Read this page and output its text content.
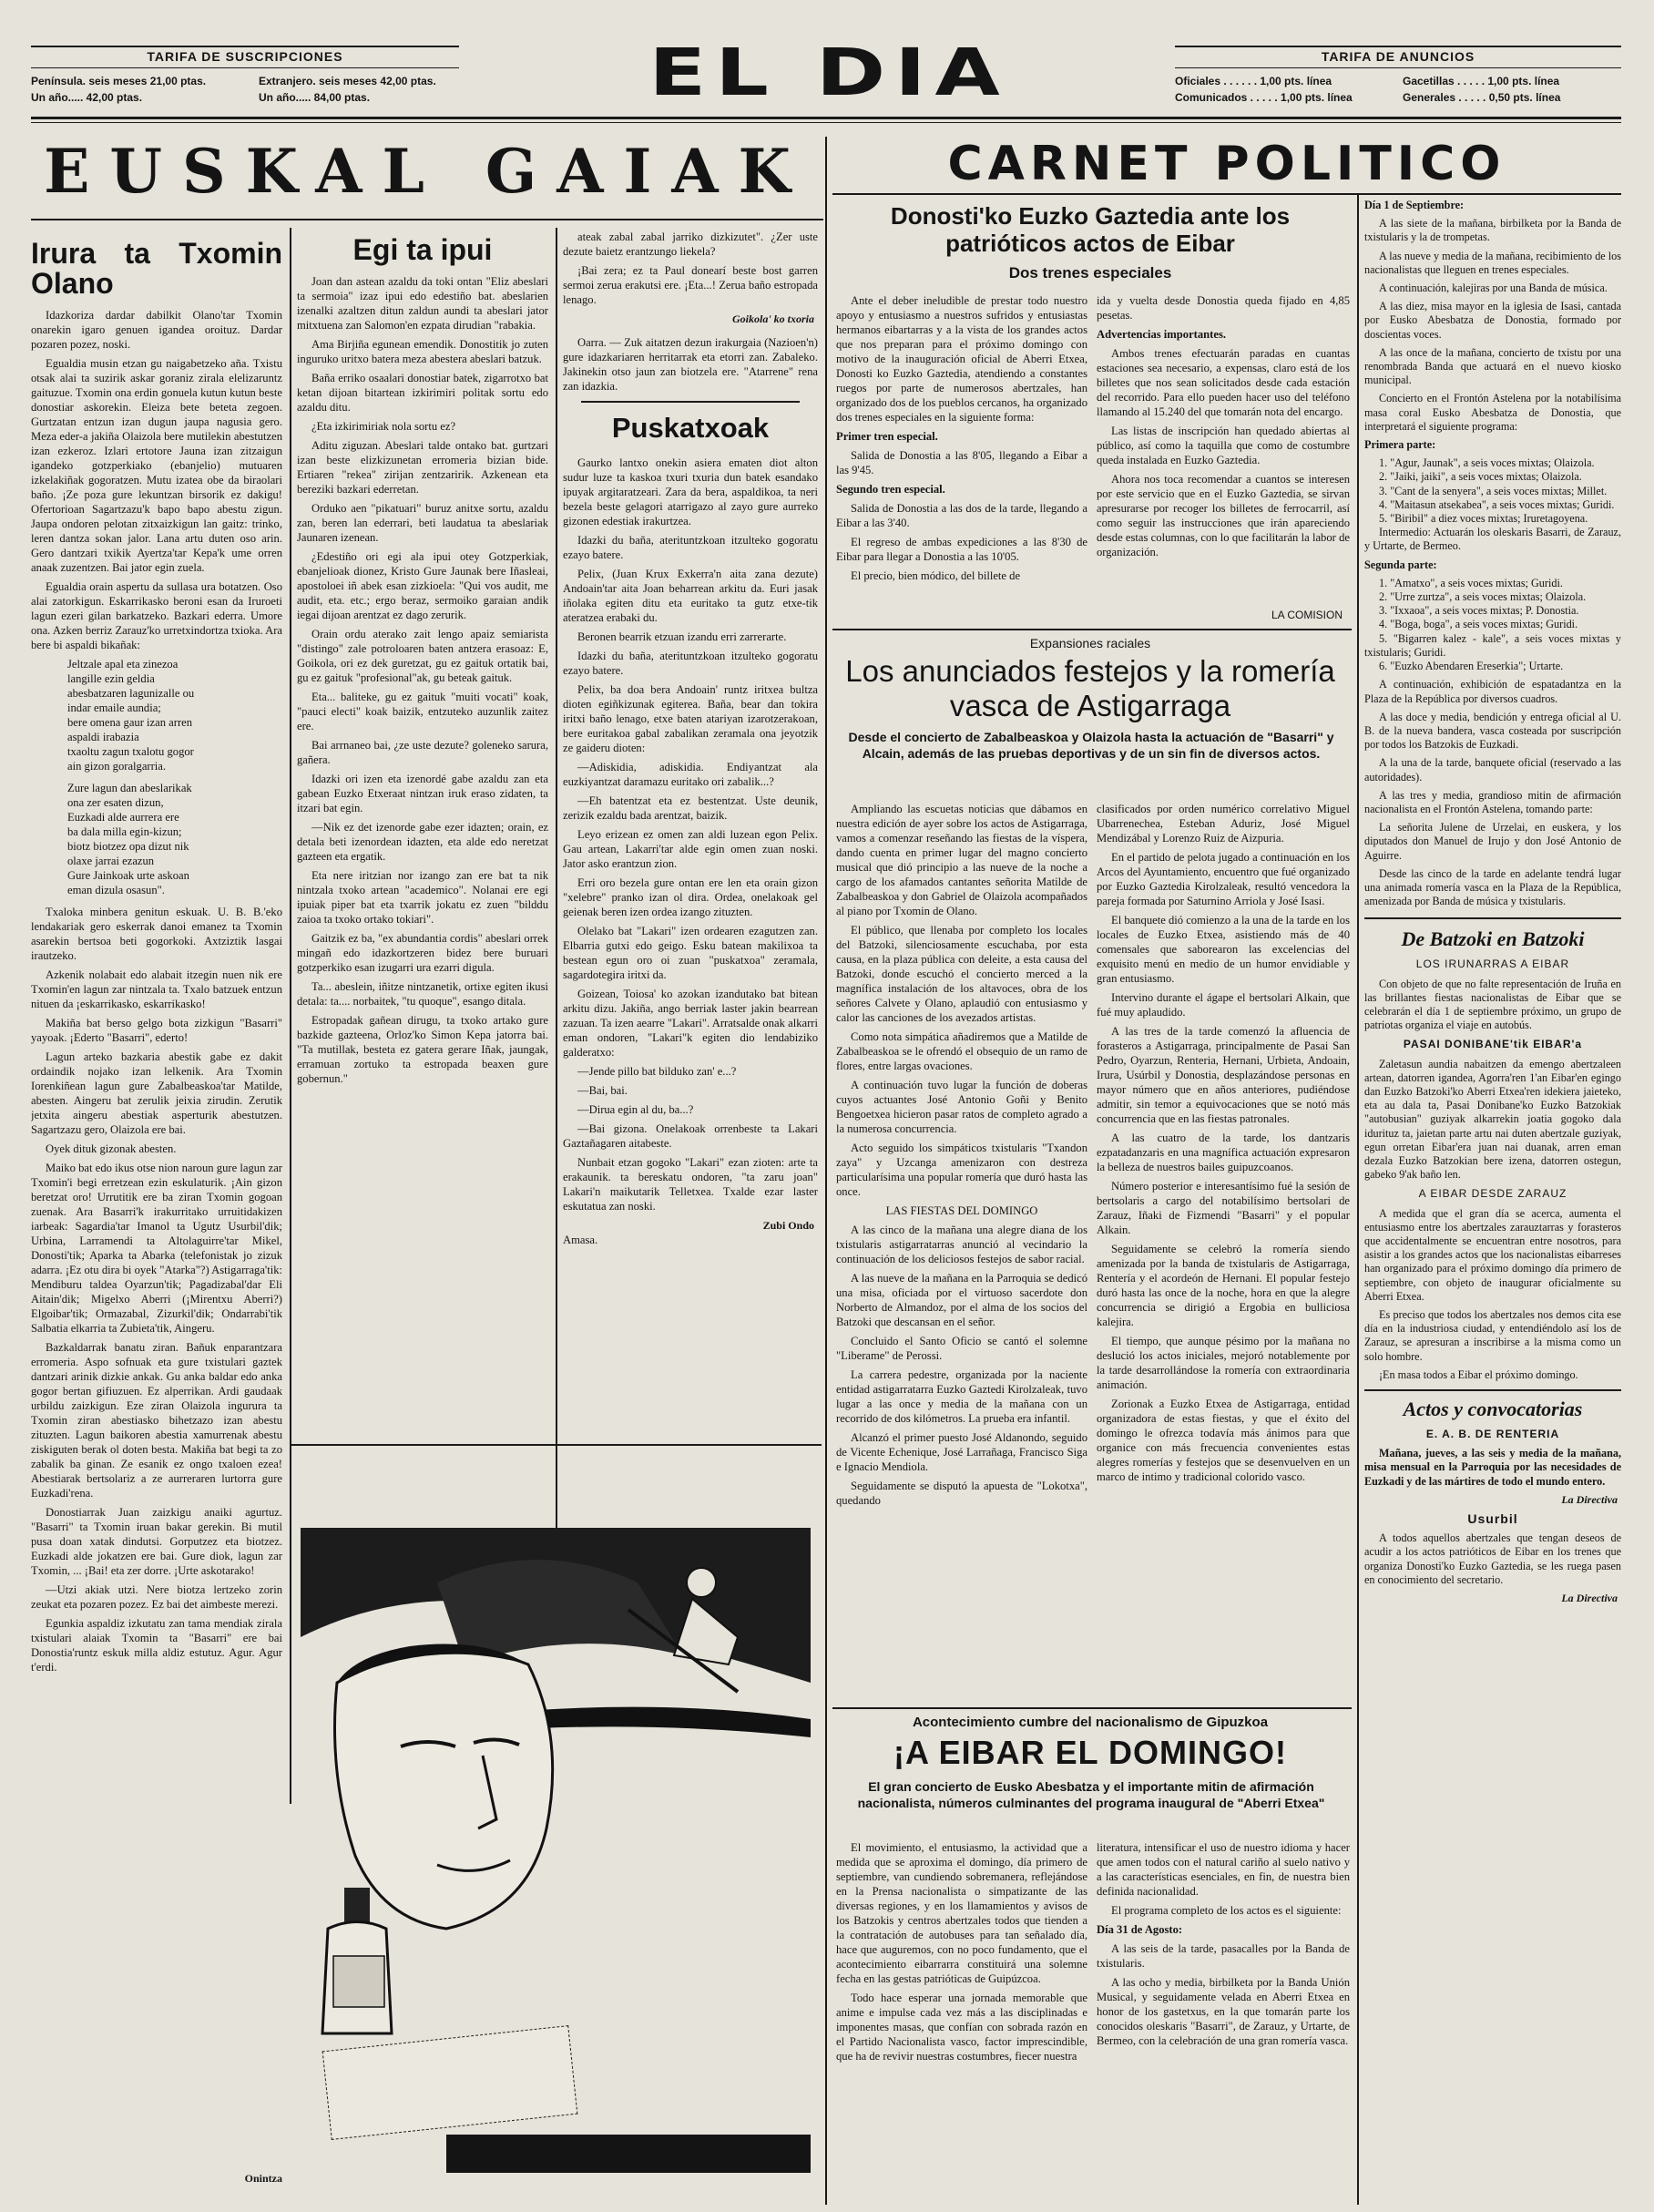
TARIFA DE SUSCRIPCIONES
Península. seis meses 21,00 ptas.
Un año..... 42,00 ptas.
Extranjero. seis meses 42,00 ptas.
Un año..... 84,00 ptas.	EL DIA	TARIFA DE ANUNCIOS
Oficiales . . . . . . 1,00 pts. línea
Comunicados . . . . . 1,00 pts. línea
Gacetillas . . . . . 1,00 pts. línea
Generales . . . . . 0,50 pts. línea
EUSKAL GAIAK
Irura ta Txomin Olano

Idazkoriza dardar dabilkit Olano'tar Txomin onarekin igaro genuen igandea oroituz. Dardar pozaren pozez, noski.

Egualdia musin etzan gu naigabetzeko aña. Txistu otsak alai ta suzirik askar goraniz zirala elelizaruntz gaituzue. Txomin ona erdin gonuela kutun kutun beste donostiar askorekin. Eleiza bete beteta zegoen. Gurtzatan entzun izan dugun jaupa nagusia gero. Meza eder-a jakiña Olaizola bere mutilekin abestutzen izan ezkeroz. Izlari ertotore Jauna izan zitzaigun igandeko gotzperkiako (ebanjelio) mutuaren izkelakiñak gogoratzen. Mutu izatea obe da biraolari baño. ¡Ze poza gure lekuntzan birsorik ez dakigu! Ofertorioan Sagartzazu'k bapo bapo abestu zigun. Jaupa ondoren pelotan zitxaizkigun lan gaitz: trinko, leren dantza sokan jalor. Lana artu duten oso arin. Gero dantzari txikik Ayertza'tar Kepa'k ume orren anaak zuzentzen. Bai jator egin zuela.

Egualdia orain aspertu da sullasa ura botatzen. Oso alai zatorkigun. Eskarrikasko beroni esan da Iruroeti lagun ezeri gilan barkatzeko. Bazkari ederra. Umore ona. Azken berriz Zarauz'ko urretxindortza txioka. Ara bere bi aspaldi bikañak:

Jeltzale apal eta zinezoa

langille ezin geldia

abesbatzaren lagunizalle ou

indar emaile aundia;

bere omena gaur izan arren

aspaldi irabazia

txaoltu zagun txalotu gogor

ain gizon goralgarria.

Zure lagun dan abeslarikak

ona zer esaten dizun,

Euzkadi alde aurrera ere

ba dala milla egin-kizun;

biotz biotzez opa dizut nik

olaxe jarrai ezazun

Gure Jainkoak urte askoan

eman dizula osasun".

Txaloka minbera genitun eskuak. U. B. B.'eko lendakariak gero eskerrak danoi emanez ta Txomin asarekin bertsoa beti gogorkoki. Axtziztik lasgai irautzeko.

Azkenik nolabait edo alabait itzegin nuen nik ere Txomin'en lagun zar nintzala ta. Txalo batzuek entzun nituen da ¡eskarrikasko, eskarrikasko!

Makiña bat berso gelgo bota zizkigun "Basarri" yayoak. ¡Ederto "Basarri", ederto!

Lagun arteko bazkaria abestik gabe ez dakit ordaindik nojako izan lelkenik. Ara Txomin Iorenkiñean lagun gure Zabalbeaskoa'tar Matilde, abesten. Aingeru bat zerulik jeixia zirudin. Zerutik jetxita aingeru abestiak asperturik abestutzen. Sagartzazu gero, Olaizola ere bai.

Oyek dituk gizonak abesten.

Maiko bat edo ikus otse nion naroun gure lagun zar Txomin'i begi erretzean ezin eskulaturik. ¡Ain gizon beretzat oro! Urrutitik ere ba ziran Txomin gogoan zuenak. Ara Basarri'k irakurritako urruitidakizen iarbeak: Sagardia'tar Imanol ta Ugutz Usurbil'dik; Urbina, Larramendi ta Altolaguirre'tar Mikel, Donosti'tik; Aparka ta Abarka (telefonistak jo zizuk adarra. ¡Ez otu dira bi oyek "Atarka"?) Astigarraga'tik: Mendiburu taldea Oyarzun'tik; Pagadizabal'dar Eli Aitain'dik; Migelxo Aberri (¡Mirentxu Aberri?) Elgoibar'tik; Ormazabal, Zizurkil'dik; Ondarrabi'tik Salbatia elkarria ta Zubieta'tik, Aingeru.

Bazkaldarrak banatu ziran. Bañuk enparantzara erromeria. Aspo sofnuak eta gure txistulari gaztek dantzari arinik dizkie ankak. Gu anka baldar edo anka gogor bertan gifiuzuen. Ez alperrikan. Ardi gaudaak urbildu zaizkigun. Eze ziran Olaizola ingurura ta Txomin ziran abestiasko bihetzazo izan abestu zituzten. Lagun baikoren abestia xamurrenak abestu ziskiguten berak ol doten besta. Makiña bat begi ta zo zabalik ba ginan. Ze esanik ez ongo txaloen ezea! Abestiarak bertsolariz a ze aurreraren lurtorra gure Euzkadi'rena.

Donostiarrak Juan zaizkigu anaiki agurtuz. "Basarri" ta Txomin iruan bakar gerekin. Bi mutil pusa doan xatak dindutsi. Gorputzez eta biotzez. Euzkadi alde jokatzen ere bai. Gure diok, lagun zar Txomin, ... ¡Bai! eta zer dorre. ¡Urte askotarako!

—Utzi akiak utzi. Nere biotza lertzeko zorin zeukat eta pozaren pozez. Ez bai det aimbeste merezi.

Egunkia aspaldiz izkutatu zan tama mendiak zirala txistulari alaiak Txomin ta "Basarri" ere bai Donostia'runtz eskuk milla aldiz estutuz. Agur. Agur t'erdi.

Onintza
Egi ta ipui

Joan dan astean azaldu da toki ontan "Eliz abeslari ta sermoia" izaz ipui edo edestiño bat. abeslarien izenalki azaltzen ditun zaldun aundi ta abeslari jator mitxtuena zan Salomon'en ezpata dirudian "rabakia.

Ama Birjiña egunean emendik. Donostitik jo zuten inguruko uritxo batera meza abestera abeslari batzuk.

Baña erriko osaalari donostiar batek, zigarrotxo bat ketan dijoan bitartean izkirimiri politak sortu edo azaldu ditu.

¿Eta izkirimiriak nola sortu ez?

Aditu ziguzan. Abeslari talde ontako bat. gurtzari izan beste elizkizunetan erromeria bizian bide. Ertiaren "rekea" zirijan zentzaririk. Azkenean eta bereziki bazkari ederretan.

Orduko aen "pikatuari" buruz anitxe sortu, azaldu zan, beren lan ederrari, beti laudatua ta abeslariak Jaunaren izenean.

¿Edestiño ori egi ala ipui otey Gotzperkiak, ebanjelioak dionez, Kristo Gure Jaunak bere Iñasleai, apostoloei iñ abek esan zizkioela: "Qui vos audit, me audit, eta. etc.; ergo beraz, sermoiko garaian andik iegai dijoan arentzat ez dago zerurik.

Orain ordu aterako zait lengo apaiz semiarista "distingo" zale potroloaren baten antzera erasoaz: E, Goikola, ori ez dek guretzat, gu ez gaituk ortatik bai, gu ez gaituk "profesional"ak, gu beteak gaituk.

Eta... baliteke, gu ez gaituk "muiti vocati" koak, "pauci electi" koak baizik, entzuteko auzunlik zaitez ere.

Bai arrnaneo bai, ¿ze uste dezute? goleneko sarura, gañera.

Idazki ori izen eta izenordé gabe azaldu zan eta gabean Euzko Etxeraat nintzan iruk eraso zidaten, ta itzari bat egin.

—Nik ez det izenorde gabe ezer idazten; orain, ez detala beti izenordean idazten, eta alde edo neretzat gazteen eta ergatik.

Eta nere iritzian nor izango zan ere bat ta nik nintzala txoko artean "academico". Nolanai ere egi ipuiak piper bat eta txarrik jokatu ez zuen "bilddu zaioa ta txoko ortako tokiari".

Gaitzik ez ba, "ex abundantia cordis" abeslari orrek mingañ edo idazkortzeren bidez bere buruari gotzperkiko esan izugarri ura ezarri digula.

Ta... abeslein, iñitze nintzanetik, ortixe egiten ikusi detala: ta.... norbaitek, "tu quoque", esango ditala.

Estropadak gañean dirugu, ta txoko artako gure bazkide gazteena, Orloz'ko Simon Kepa jatorra bai. "Ta mutillak, besteta ez gatera gerare Iñak, jaungak, erramuan zortuko ta estropada beaxen gure gobernun."

ateak zabal zabal jarriko dizkizutet". ¿Zer uste dezute baietz erantzungo liekela?

¡Bai zera; ez ta Paul donearí beste bost garren sermoi zerua erakutsi ere. ¡Eta...! Zerua baño estropada lenago.

Goikola' ko txoria

Oarra. — Zuk aitatzen dezun irakurgaia (Nazioen'n) gure idazkariaren herritarrak eta etorri zan. Zabaleko. Jakinekin otso jaun zan biotzela ere. "Atarrene" rena zan idazkia.

Puskatxoak

Gaurko lantxo onekin asiera ematen diot alton sudur luze ta kaskoa txuri txuria dun batek esandako ipuyak argitaratzeari. Zara da bera, aspaldikoa, ta neri bezela beste gelagori atarrigazo al zayo gure aurreko gizonen edestiak irakurtzea.

Idazki du baña, aterituntzkoan itzulteko gogoratu ezayo batere.

Pelix, (Juan Krux Exkerra'n aita zana dezute) Andoain'tar aita Joan beharrean arkitu da. Euri jasak iñolaka egiten ditu eta euritako ta gutz etxe-tik ateratzea erabaki du.

Beronen bearrik etzuan izandu erri zarrerarte.

Idazki du baña, aterituntzkoan itzulteko gogoratu ezayo batere.

Pelix, ba doa bera Andoain' runtz iritxea bultza dioten egiñkizunak egiterea. Baña, bear dan tokira iritxi baño lenago, etxe baten atariyan izarotzerakoan, bere euritakoa gabal zabalikan zeramala ona jeyotzik ze gaideru dioten:

—Adiskidia, adiskidia. Endiyantzat ala euzkiyantzat daramazu euritako ori zabalik...?

—Eh batentzat eta ez bestentzat. Uste deunik, zerizik ezaldu bada arentzat, baizik.

Leyo erizean ez omen zan aldi luzean egon Pelix. Gau artean, Lakarri'tar alde egin omen zuan noski. Jator asko erantzun zion.

Erri oro bezela gure ontan ere len eta orain gizon "xelebre" pranko izan ol dira. Ordea, onelakoak gel geienak beren izen ordea izango zituzten.

Olelako bat "Lakari" izen ordearen ezagutzen zan. Elbarria gutxi edo geigo. Esku batean makilixoa ta bestean egun oro oi zuan "puskatxoa" zeramala, sagardotegira iritxi da.

Goizean, Toiosa' ko azokan izandutako bat bitean arkitu dizu. Jakiña, ango berriak laster jakin bearrean zazuan. Ta izen aearre "Lakari". Arratsalde onak alkarri eman ondoren, "Lakari"k egiten dio lendabiziko galderatxo:

—Jende pillo bat bilduko zan' e...?

—Bai, bai.

—Dirua egin al du, ba...?

—Bai gizona. Onelakoak orrenbeste ta Lakari Gaztañagaren aitabeste.

Nunbait etzan gogoko "Lakari" ezan zioten: arte ta erakaunik. ta bereskatu ondoren, "ta zaru joan" Lakari'n maikutarik Telletxea. Txalde ezar laster eskutatua zan noski.

Zubi Ondo

Amasa.

CARNET POLITICO
Donosti'ko Euzko Gaztedia ante los patrióticos actos de Eibar
Dos trenes especiales

Ante el deber ineludible de prestar todo nuestro apoyo y entusiasmo a nuestros sufridos y entusiastas hermanos eibartarras y a la vista de los grandes actos que nos preparan para el próximo domingo con motivo de la inauguración oficial de Aberri Etxea, Donosti ko Euzko Gaztedia, atendiendo a constantes ruegos por parte de numerosos abertzales, han organizado dos de los pueblos cercanos, ha organizado dos trenes especiales en la siguiente forma:

Primer tren especial.

Salida de Donostia a las 8'05, llegando a Eibar a las 9'45.

Segundo tren especial.

Salida de Donostia a las dos de la tarde, llegando a Eibar a las 3'40.

El regreso de ambas expediciones a las 8'30 de Eibar para llegar a Donostia a las 10'05.

El precio, bien módico, del billete de

ida y vuelta desde Donostia queda fijado en 4,85 pesetas.

Advertencias importantes.

Ambos trenes efectuarán paradas en cuantas estaciones sea necesario, a expensas, claro está de los billetes que nos sean solicitados desde cada estación del recorrido. Para ello pueden hacer uso del teléfono llamando al 15.240 del que tomarán nota del encargo.

Las listas de inscripción han quedado abiertas al público, así como la taquilla que como de costumbre queda instalada en Euzko Gaztedia.

Ahora nos toca recomendar a cuantos se interesen por este servicio que en el Euzko Gaztedia, se sirvan apresurarse por recoger los billetes de ferrocarril, así como seguir las instrucciones que irán apareciendo desde estas columnas, con lo que facilitarán la labor de organización.

LA COMISION
Expansiones raciales
Los anunciados festejos y la romería vasca de Astigarraga
Desde el concierto de Zabalbeaskoa y Olaizola hasta la actuación de "Basarri" y Alcain, además de las pruebas deportivas y de un sin fin de diversos actos.

Ampliando las escuetas noticias que dábamos en nuestra edición de ayer sobre los actos de Astigarraga, vamos a comenzar reseñando las fiestas de la víspera, dando cuenta en primer lugar del magno concierto musical que dió principio a las nueve de la noche a cargo de los afamados cantantes señorita Matilde de Zabalbeaskoa y don Gabriel de Olaizola acompañados al piano por Txomin de Olano.

El público, que llenaba por completo los locales del Batzoki, silenciosamente escuchaba, por esta causa, en la plaza pública con deleite, a esta causa del Batzoki, donde escuchó el concierto merced a la magnífica instalación de los altavoces, obra de los señores Calvete y Olano, aplaudió con entusiasmo y calor las canciones de los avezados artistas.

Como nota simpática añadiremos que a Matilde de Zabalbeaskoa se le ofrendó el obsequio de un ramo de flores, entre largas ovaciones.

A continuación tuvo lugar la función de doberas cuyos actuantes José Antonio Goñi y Benito Bengoetxea hicieron pasar ratos de completo agrado a la numerosa concurrencia.

Acto seguido los simpáticos txistularis "Txandon zaya" y Uzcanga amenizaron con destreza particularísima una popular romería que duró hasta las once.

LAS FIESTAS DEL DOMINGO

A las cinco de la mañana una alegre diana de los txistularis astigarratarras anunció al vecindario la continuación de los deliciosos festejos de sabor racial.

A las nueve de la mañana en la Parroquia se dedicó una misa, oficiada por el virtuoso sacerdote don Norberto de Almandoz, por el alma de los socios del Batzoki que descansan en el señor.

Concluido el Santo Oficio se cantó el solemne "Liberame" de Perossi.

La carrera pedestre, organizada por la naciente entidad astigarratarra Euzko Gaztedi Kirolzaleak, tuvo lugar a las once y media de la mañana con un recorrido de dos kilómetros. La prueba era infantil.

Alcanzó el primer puesto José Aldanondo, seguido de Vicente Echenique, José Larrañaga, Francisco Siga e Ignacio Mendiola.

Seguidamente se disputó la apuesta de "Lokotxa", quedando

clasificados por orden numérico correlativo Miguel Ubarrenechea, Esteban Aduriz, José Miguel Mendizábal y Lorenzo Ruiz de Aizpuria.

En el partido de pelota jugado a continuación en los Arcos del Ayuntamiento, encuentro que fué organizado por Euzko Gaztedia Kirolzaleak, resultó vencedora la pareja formada por Saturnino Arriola y José Isasi.

El banquete dió comienzo a la una de la tarde en los locales de Euzko Etxea, asistiendo más de 40 comensales que saborearon las excelencias del exquisito menú en medio de un humor envidiable y gran entusiasmo.

Intervino durante el ágape el bertsolari Alkain, que fué muy aplaudido.

A las tres de la tarde comenzó la afluencia de forasteros a Astigarraga, principalmente de Pasai San Pedro, Oyarzun, Renteria, Hernani, Urbieta, Andoain, Irura, Usúrbil y Donostia, desplazándose personas en mayor número que en años anteriores, pudiéndose admitir, sin temor a equivocaciones que se notó más concurrencia que en las fiestas patronales.

A las cuatro de la tarde, los dantzaris ezpatadanzaris en una magnífica actuación expresaron la belleza de nuestros bailes guipuzcoanos.

Número posterior e interesantísimo fué la sesión de bertsolaris a cargo del notabilísimo bertsolari de Zarauz, Iñaki de Fizmendi "Basarri" y el popular Alkain.

Seguidamente se celebró la romería siendo amenizada por la banda de txistularis de Astigarraga, Rentería y el acordeón de Hernani. El popular festejo duró hasta las once de la noche, hora en que la alegre concurrencia se dirigió a Ergobia en bulliciosa kalejira.

El tiempo, que aunque pésimo por la mañana no deslució los actos iniciales, mejoró notablemente por la tarde desarrollándose la romería con extraordinaria animación.

Zorionak a Euzko Etxea de Astigarraga, entidad organizadora de estas fiestas, y que el éxito del domingo le ofrezca todavía más ánimos para que organice con más frecuencia convenientes estas alegres romerías y festejos que se desenvuelven en un marco de intimo y tradicional colorido vasco.

Acontecimiento cumbre del nacionalismo de Gipuzkoa
¡A EIBAR EL DOMINGO!
El gran concierto de Eusko Abesbatza y el importante mitin de afirmación nacionalista, números culminantes del programa inaugural de "Aberri Etxea"

El movimiento, el entusiasmo, la actividad que a medida que se aproxima el domingo, día primero de septiembre, van cundiendo sobremanera, reflejándose en la Prensa nacionalista o simpatizante de las diversas regiones, y en los llamamientos y avisos de los Batzokis y centros abertzales todos que tienden a la contratación de autobuses para tan señalado día, hace que auguremos, con no poco fundamento, que el acontecimiento eibarrarra constituirá una solemne fecha en las gestas patrióticas de Guipúzcoa.

Todo hace esperar una jornada memorable que anime e impulse cada vez más a las disciplinadas e imponentes masas, que confían con sobrada razón en el Partido Nacionalista vasco, factor imprescindible, que ha de revivir nuestras costumbres, fiecer nuestra

literatura, intensificar el uso de nuestro idioma y hacer que amen todos con el natural cariño al suelo nativo y a las características esenciales, en fin, de nuestra bien definida nacionalidad.

El programa completo de los actos es el siguiente:

Día 31 de Agosto:

A las seis de la tarde, pasacalles por la Banda de txistularis.

A las ocho y media, birbilketa por la Banda Unión Musical, y seguidamente velada en Aberri Etxea en honor de los gastetxus, en la que tomarán parte los conocidos oleskaris "Basarri", de Zarauz, y Urtarte, de Bermeo, con la celebración de una gran romería vasca.

Día 1 de Septiembre:

A las siete de la mañana, birbilketa por la Banda de txistularis y la de trompetas.

A las nueve y media de la mañana, recibimiento de los nacionalistas que lleguen en trenes especiales.

A continuación, kalejiras por una Banda de música.

A las diez, misa mayor en la iglesia de Isasi, cantada por Eusko Abesbatza de Donostia, formado por doscientas voces.

A las once de la mañana, concierto de txistu por una renombrada Banda que actuará en el nuevo kiosko municipal.

Concierto en el Frontón Astelena por la notabilísima masa coral Eusko Abesbatza de Donostia, que interpretará el siguiente programa:

Primera parte:

1. "Agur, Jaunak", a seis voces mixtas; Olaizola.

2. "Jaiki, jaiki", a seis voces mixtas; Olaizola.

3. "Cant de la senyera", a seis voces mixtas; Millet.

4. "Maitasun atsekabea", a seis voces mixtas; Guridi.

5. "Biribil" a diez voces mixtas; Iruretagoyena.

Intermedio: Actuarán los oleskaris Basarri, de Zarauz, y Urtarte, de Bermeo.

Segunda parte:

1. "Amatxo", a seis voces mixtas; Guridi.

2. "Urre zurtza", a seis voces mixtas; Olaizola.

3. "Ixxaoa", a seis voces mixtas; P. Donostia.

4. "Boga, boga", a seis voces mixtas; Guridi.

5. "Bigarren kalez - kale", a seis voces mixtas y txistularis; Guridi.

6. "Euzko Abendaren Ereserkia"; Urtarte.

A continuación, exhibición de espatadantza en la Plaza de la República por diversos cuadros.

A las doce y media, bendición y entrega oficial al U. B. de la nueva bandera, vasca costeada por suscripción por todos los Batzokis de Euzkadi.

A la una de la tarde, banquete oficial (reservado a las autoridades).

A las tres y media, grandioso mitin de afirmación nacionalista en el Frontón Astelena, tomando parte:

La señorita Julene de Urzelai, en euskera, y los diputados don Manuel de Irujo y don José Antonio de Aguirre.

Desde las cinco de la tarde en adelante tendrá lugar una animada romería vasca en la Plaza de la República, amenizada por Banda de música y txistularis.

De Batzoki en Batzoki
LOS IRUNARRAS A EIBAR

Con objeto de que no falte representación de Iruña en las brillantes fiestas nacionalistas de Eibar que se celebrarán el día 1 de septiembre próximo, un grupo de patriotas organiza el viaje en autobús.

PASAI DONIBANE'tik EIBAR'a

Zaletasun aundia nabaitzen da emengo abertzaleen artean, datorren igandea, Agorra'ren 1'an Eibar'en egingo dan Euzko Batzoki'ko Aberri Etxea'ren idekiera jaieteko, eta au dala ta, Pasai Donibane'ko Euzko Batzokiak "autobusian" guziyak alkarrekin joatia gogoko dala idurituz ta, jaietan parte artu nai duten abertzale guziyak, egun orretan Eibar'era juan nai duanak, arren eman dezala Euzko Batzokian bere izena, datorren ostegun, gabeko 9'ak baño len.

A EIBAR DESDE ZARAUZ

A medida que el gran día se acerca, aumenta el entusiasmo entre los abertzales zarauztarras y forasteros que accidentalmente se encuentran entre nosotros, para asistir a los grandes actos que los nacionalistas eibarreses han organizado para el próximo domingo día primero de septiembre, con objeto de inaugurar oficialmente su Aberri Etxea.

Es preciso que todos los abertzales nos demos cita ese día en la industriosa ciudad, y entendiéndolo así los de Zarauz, se apresuran a inscribirse a la misma como un solo hombre.

¡En masa todos a Eibar el próximo domingo.

Actos y convocatorias
E. A. B. DE RENTERIA

Mañana, jueves, a las seis y media de la mañana, misa mensual en la Parroquia por las necesidades de Euzkadi y de las mártires de todo el mundo entero.

La Directiva
Usurbil

A todos aquellos abertzales que tengan deseos de acudir a los actos patrióticos de Eibar en los trenes que organiza Donosti'ko Euzko Gaztedia, se les ruega pasen en conocimiento del secretario.

La Directiva
